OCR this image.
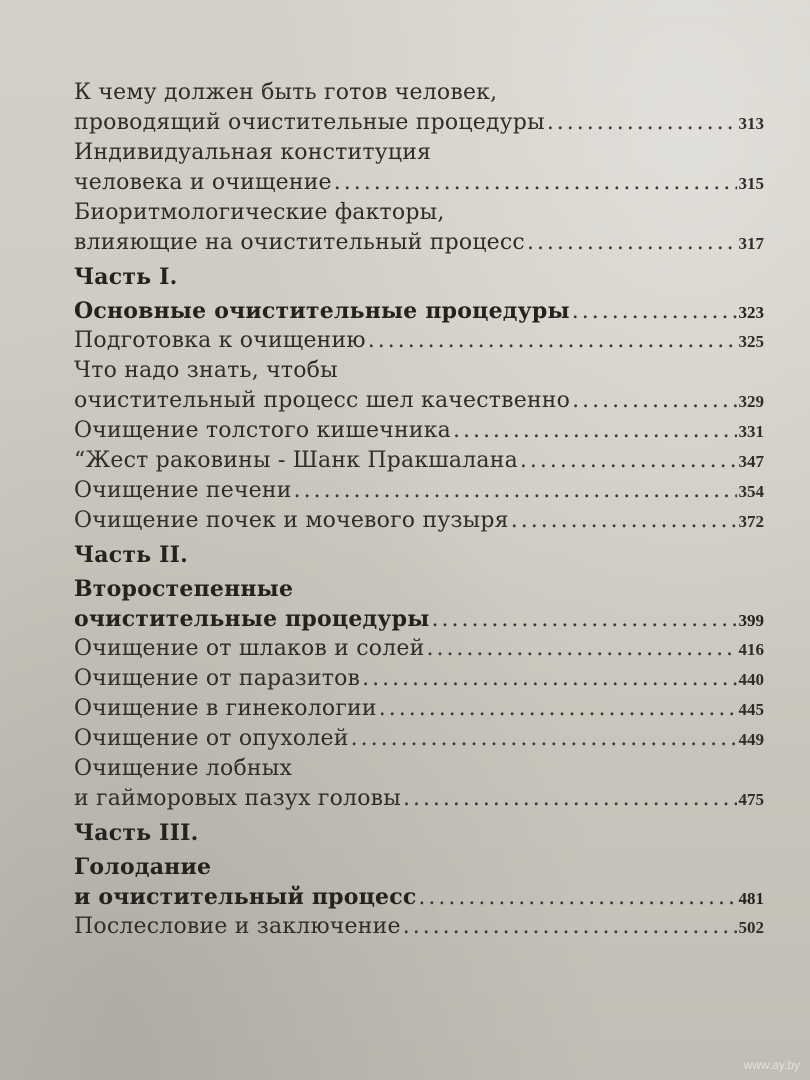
К чему должен быть готов человек,
проводящий очистительные процедуры . . .	313
Индивидуальная конституция
человека и очищение . . .	315
Биоритмологические факторы,
влияющие на очистительный процесс . . .	317
Часть I.
Основные очистительные процедуры . . .	323
Подготовка к очищению . . .	325
Что надо знать, чтобы
очистительный процесс шел качественно . . .	329
Очищение толстого кишечника . . .	331
“Жест раковины - Шанк Пракшалана . . .	347
Очищение печени . . .	354
Очищение почек и мочевого пузыря . . .	372
Часть II.
Второстепенные
очистительные процедуры . . .	399
Очищение от шлаков и солей . . .	416
Очищение от паразитов . . .	440
Очищение в гинекологии . . .	445
Очищение от опухолей . . .	449
Очищение лобных
и гайморовых пазух головы . . .	475
Часть III.
Голодание
и очистительный процесс . . .	481
Послесловие и заключение . . .	502
www.ay.by
